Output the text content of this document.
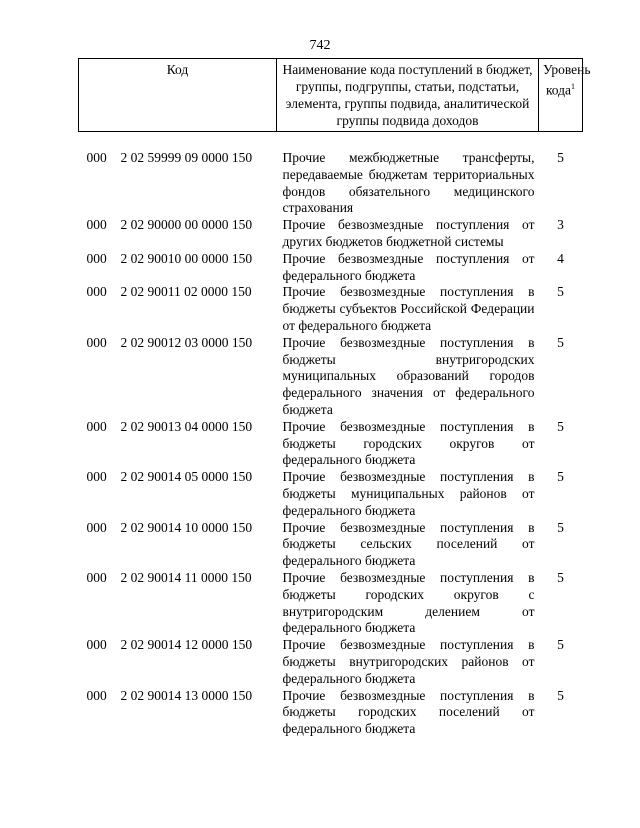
742
Код		Наименование кода поступлений в бюджет, группы, подгруппы, статьи, подстатьи, элемента, группы подвида, аналитической группы подвида доходов	Уровень кода$^1$

000	2 02 59999 09 0000 150	Прочие межбюджетные трансферты, передаваемые бюджетам территориальных фондов обязательного медицинского страхования	5
000	2 02 90000 00 0000 150	Прочие безвозмездные поступления от других бюджетов бюджетной системы	3
000	2 02 90010 00 0000 150	Прочие безвозмездные поступления от федерального бюджета	4
000	2 02 90011 02 0000 150	Прочие безвозмездные поступления в бюджеты субъектов Российской Федерации от федерального бюджета	5
000	2 02 90012 03 0000 150	Прочие безвозмездные поступления в бюджеты внутригородских муниципальных образований городов федерального значения от федерального бюджета	5
000	2 02 90013 04 0000 150	Прочие безвозмездные поступления в бюджеты городских округов от федерального бюджета	5
000	2 02 90014 05 0000 150	Прочие безвозмездные поступления в бюджеты муниципальных районов от федерального бюджета	5
000	2 02 90014 10 0000 150	Прочие безвозмездные поступления в бюджеты сельских поселений от федерального бюджета	5
000	2 02 90014 11 0000 150	Прочие безвозмездные поступления в бюджеты городских округов с внутригородским делением от федерального бюджета	5
000	2 02 90014 12 0000 150	Прочие безвозмездные поступления в бюджеты внутригородских районов от федерального бюджета	5
000	2 02 90014 13 0000 150	Прочие безвозмездные поступления в бюджеты городских поселений от федерального бюджета	5
